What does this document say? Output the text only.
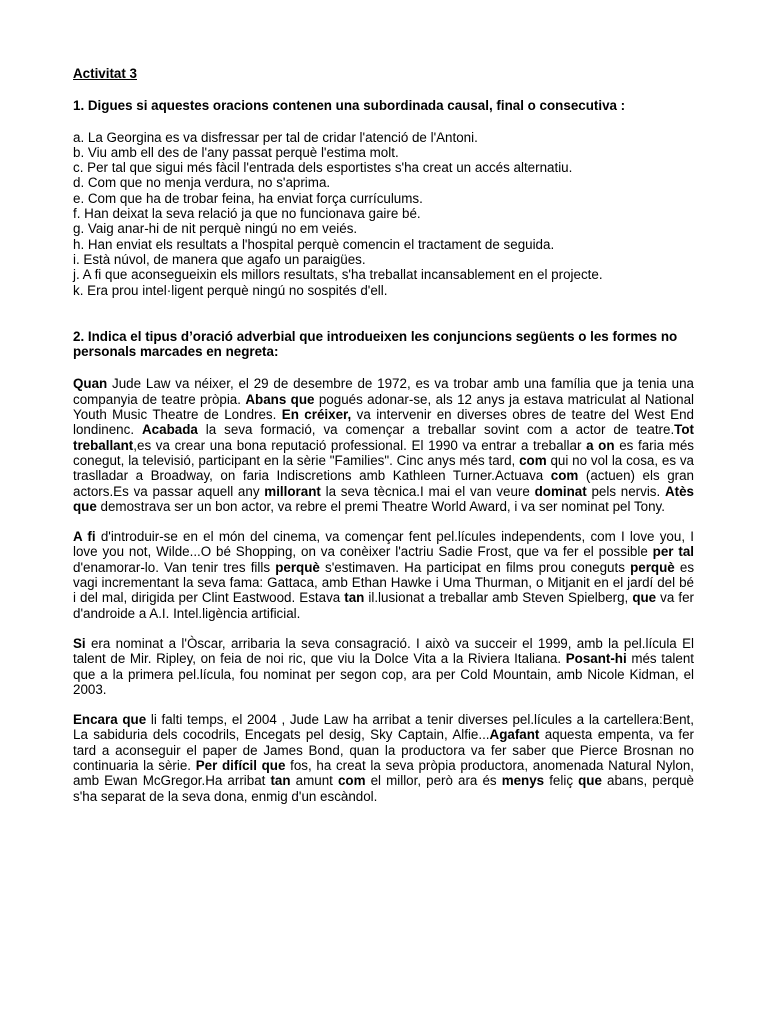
Activitat 3

1. Digues si aquestes oracions contenen una subordinada causal, final o consecutiva :

a. La Georgina es va disfressar per tal de cridar l'atenció de l'Antoni.
b. Viu amb ell des de l'any passat perquè l'estima molt.
c. Per tal que sigui més fàcil l'entrada dels esportistes s'ha creat un accés alternatiu.
d. Com que no menja verdura, no s'aprima.
e. Com que ha de trobar feina, ha enviat força currículums.
f. Han deixat la seva relació ja que no funcionava gaire bé.
g. Vaig anar-hi de nit perquè ningú no em veiés.
h. Han enviat els resultats a l'hospital perquè comencin el tractament de seguida.
i. Està núvol, de manera que agafo un paraigües.
j. A fi que aconsegueixin els millors resultats, s'ha treballat incansablement en el projecte.
k. Era prou intel·ligent perquè ningú no sospités d'ell.

2. Indica el tipus d’oració adverbial que introdueixen les conjuncions següents o les formes no personals marcades en negreta:

Quan Jude Law va néixer, el 29 de desembre de 1972, es va trobar amb una família que ja tenia una companyia de teatre pròpia. Abans que pogués adonar-se, als 12 anys ja estava matriculat al National Youth Music Theatre de Londres. En créixer, va intervenir en diverses obres de teatre del West End londinenc. Acabada la seva formació, va començar a treballar sovint com a actor de teatre.Tot treballant,es va crear una bona reputació professional. El 1990 va entrar a treballar a on es faria més conegut, la televisió, participant en la sèrie "Families". Cinc anys més tard, com qui no vol la cosa, es va traslladar a Broadway, on faria Indiscretions amb Kathleen Turner.Actuava com (actuen) els gran actors.Es va passar aquell any millorant la seva tècnica.I mai el van veure dominat pels nervis. Atès que demostrava ser un bon actor, va rebre el premi Theatre World Award, i va ser nominat pel Tony.

A fi d'introduir-se en el món del cinema, va començar fent pel.lícules independents, com I love you, I love you not, Wilde...O bé Shopping, on va conèixer l'actriu Sadie Frost, que va fer el possible per tal d'enamorar-lo. Van tenir tres fills perquè s'estimaven. Ha participat en films prou coneguts perquè es vagi incrementant la seva fama: Gattaca, amb Ethan Hawke i Uma Thurman, o Mitjanit en el jardí del bé i del mal, dirigida per Clint Eastwood. Estava tan il.lusionat a treballar amb Steven Spielberg, que va fer d'androide a A.I. Intel.ligència artificial.

Si era nominat a l'Òscar, arribaria la seva consagració. I això va succeir el 1999, amb la pel.lícula El talent de Mir. Ripley, on feia de noi ric, que viu la Dolce Vita a la Riviera Italiana. Posant-hi més talent que a la primera pel.lícula, fou nominat per segon cop, ara per Cold Mountain, amb Nicole Kidman, el 2003.

Encara que li falti temps, el 2004 , Jude Law ha arribat a tenir diverses pel.lícules a la cartellera:Bent, La sabiduria dels cocodrils, Encegats pel desig, Sky Captain, Alfie...Agafant aquesta empenta, va fer tard a aconseguir el paper de James Bond, quan la productora va fer saber que Pierce Brosnan no continuaria la sèrie. Per difícil que fos, ha creat la seva pròpia productora, anomenada Natural Nylon, amb Ewan McGregor.Ha arribat tan amunt com el millor, però ara és menys feliç que abans, perquè s'ha separat de la seva dona, enmig d'un escàndol.
